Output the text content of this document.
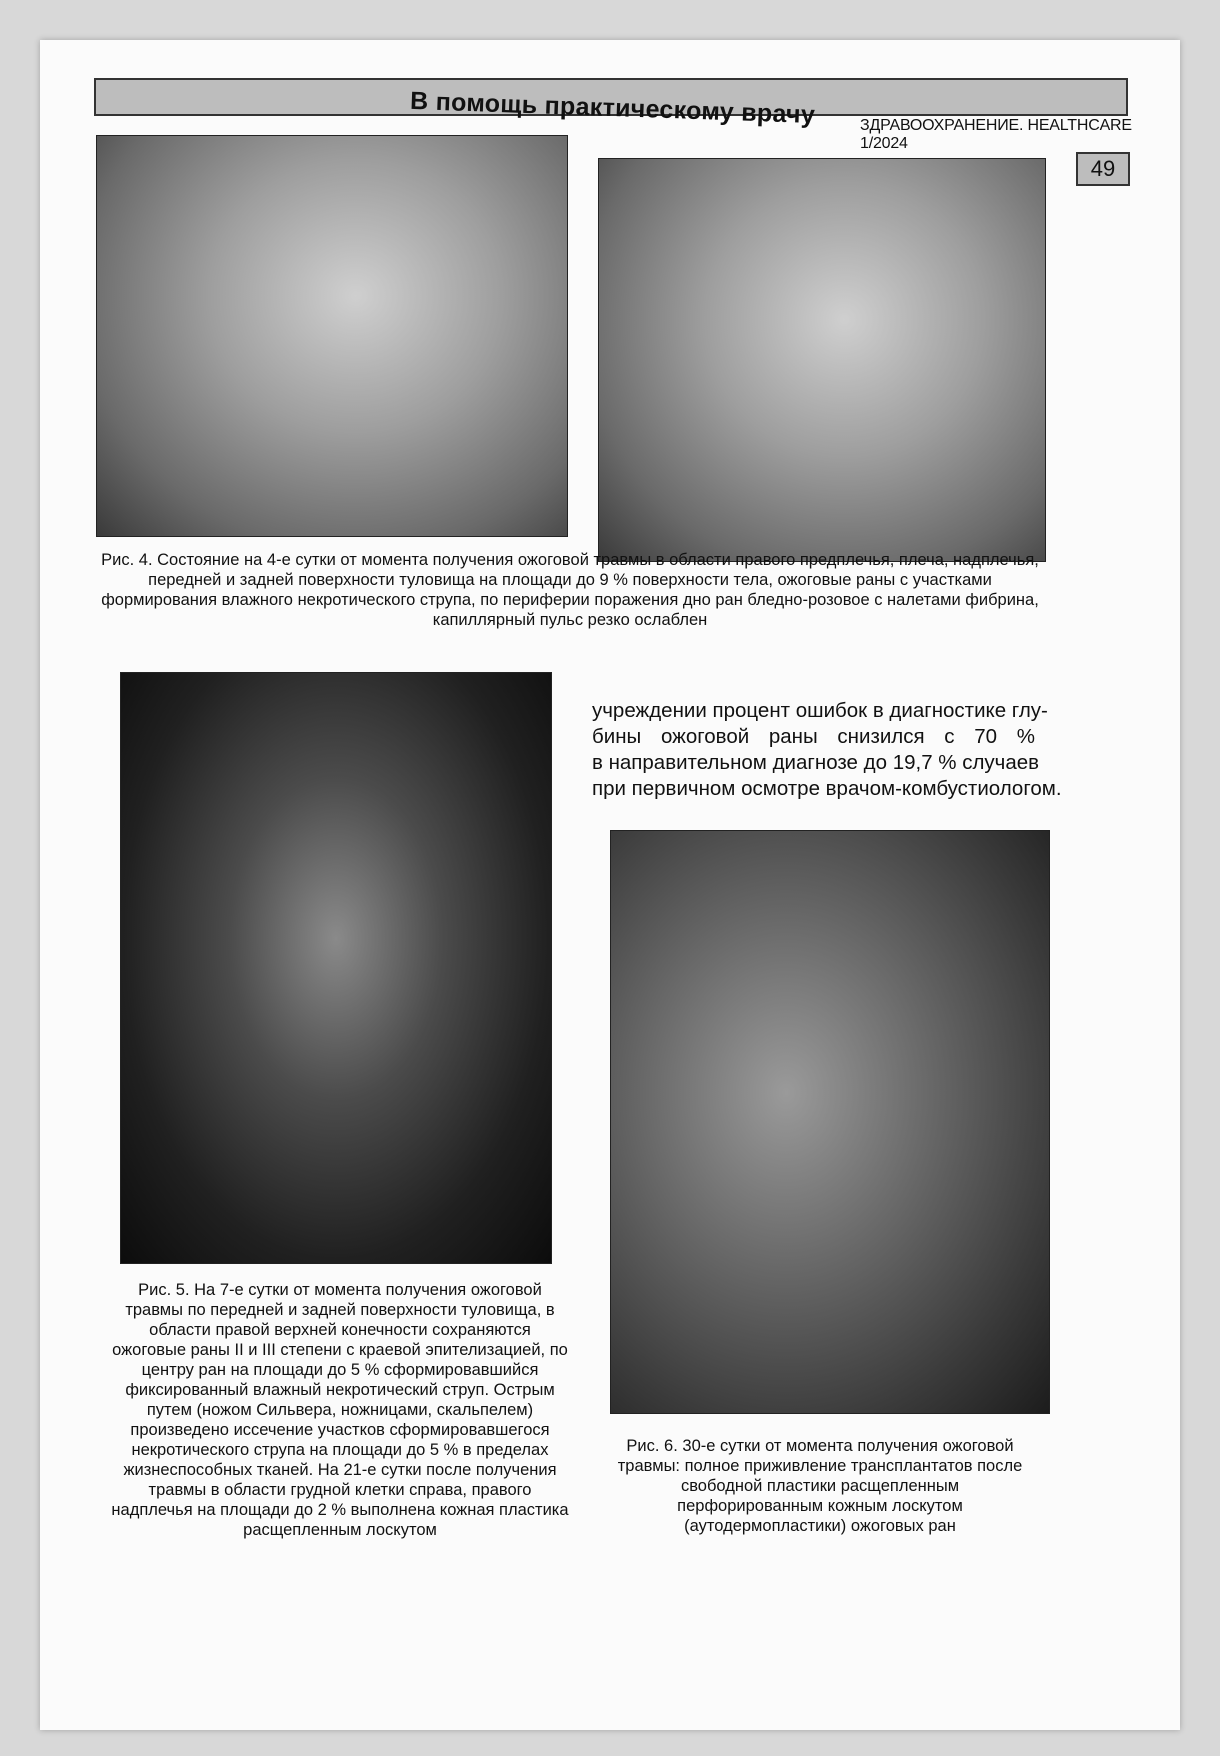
В помощь практическому врачу	ЗДРАВООХРАНЕНИЕ. HEALTHCARE 1/2024
49
Рис. 4. Состояние на 4-е сутки от момента получения ожоговой травмы в области правого предплечья, плеча, надплечья, передней и задней поверхности туловища на площади до 9 % поверхности тела, ожоговые раны с участками формирования влажного некротического струпа, по периферии поражения дно ран бледно-розовое с налетами фибрина, капиллярный пульс резко ослаблен
Рис. 5. На 7-е сутки от момента получения ожоговой травмы по передней и задней поверхности туловища, в области правой верхней конечности сохраняются ожоговые раны II и III степени с краевой эпителизацией, по центру ран на площади до 5 % сформировавшийся фиксированный влажный некротический струп. Острым путем (ножом Сильвера, ножницами, скальпелем) произведено иссечение участков сформировавшегося некротического струпа на площади до 5 % в пределах жизнеспособных тканей. На 21-е сутки после получения травмы в области грудной клетки справа, правого надплечья на площади до 2 % выполнена кожная пластика расщепленным лоскутом
учреждении процент ошибок в диагностике глу-
бины ожоговой раны снизился с 70 %
в направительном диагнозе до 19,7 % случаев
при первичном осмотре врачом-комбустиологом.
Рис. 6. 30-е сутки от момента получения ожоговой травмы: полное приживление трансплантатов после свободной пластики расщепленным перфорированным кожным лоскутом (аутодермопластики) ожоговых ран
